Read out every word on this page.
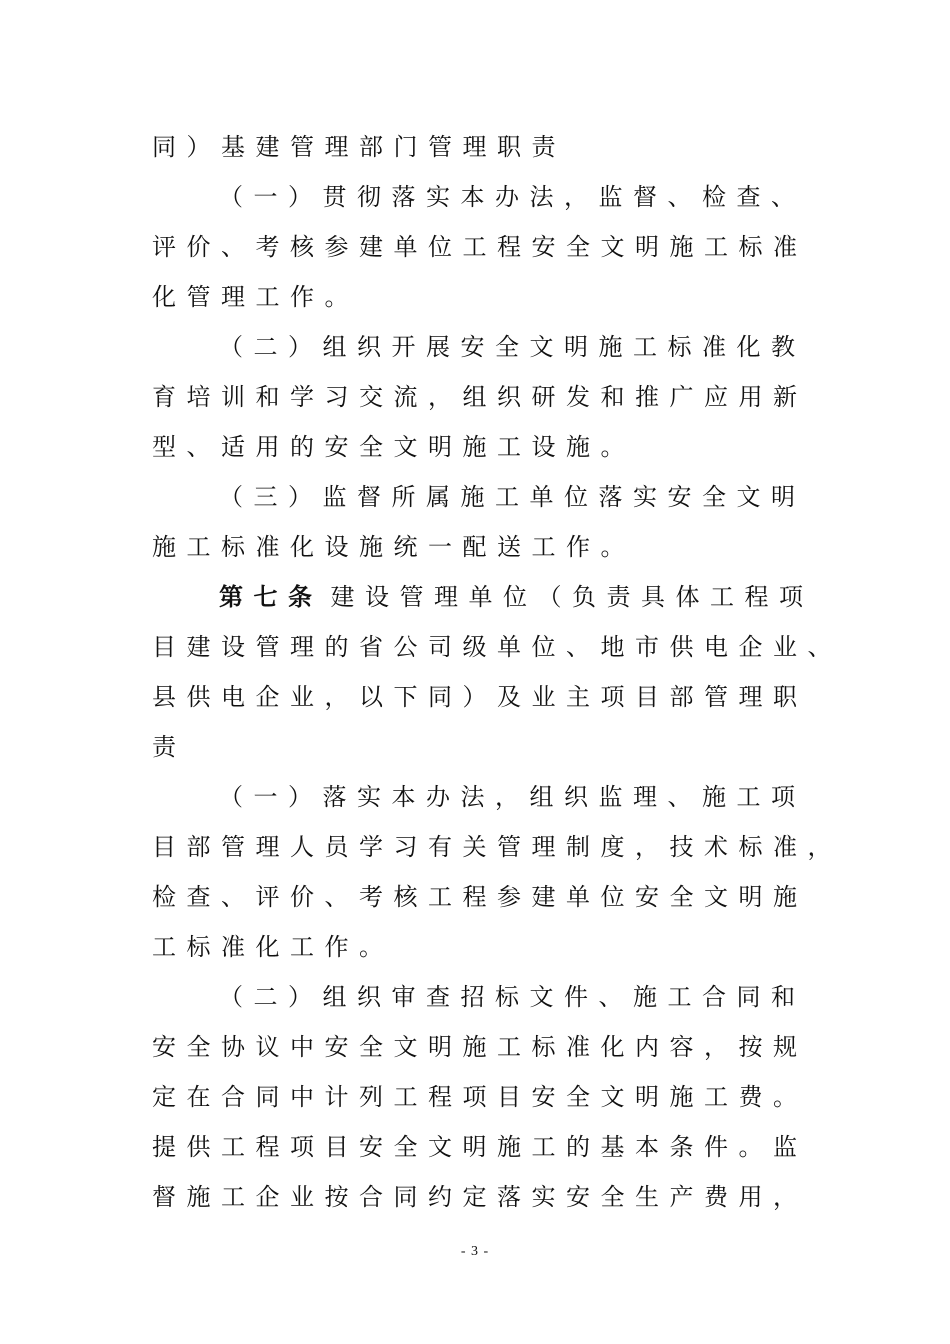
同）基建管理部门管理职责
（一）贯彻落实本办法，监督、检查、
评价、考核参建单位工程安全文明施工标准
化管理工作。
（二）组织开展安全文明施工标准化教
育培训和学习交流，组织研发和推广应用新
型、适用的安全文明施工设施。
（三）监督所属施工单位落实安全文明
施工标准化设施统一配送工作。
第七条 建设管理单位（负责具体工程项
目建设管理的省公司级单位、地市供电企业、
县供电企业，以下同）及业主项目部管理职
责
（一）落实本办法，组织监理、施工项
目部管理人员学习有关管理制度，技术标准，
检查、评价、考核工程参建单位安全文明施
工标准化工作。
（二）组织审查招标文件、施工合同和
安全协议中安全文明施工标准化内容，按规
定在合同中计列工程项目安全文明施工费。
提供工程项目安全文明施工的基本条件。监
督施工企业按合同约定落实安全生产费用，
- 3 -
